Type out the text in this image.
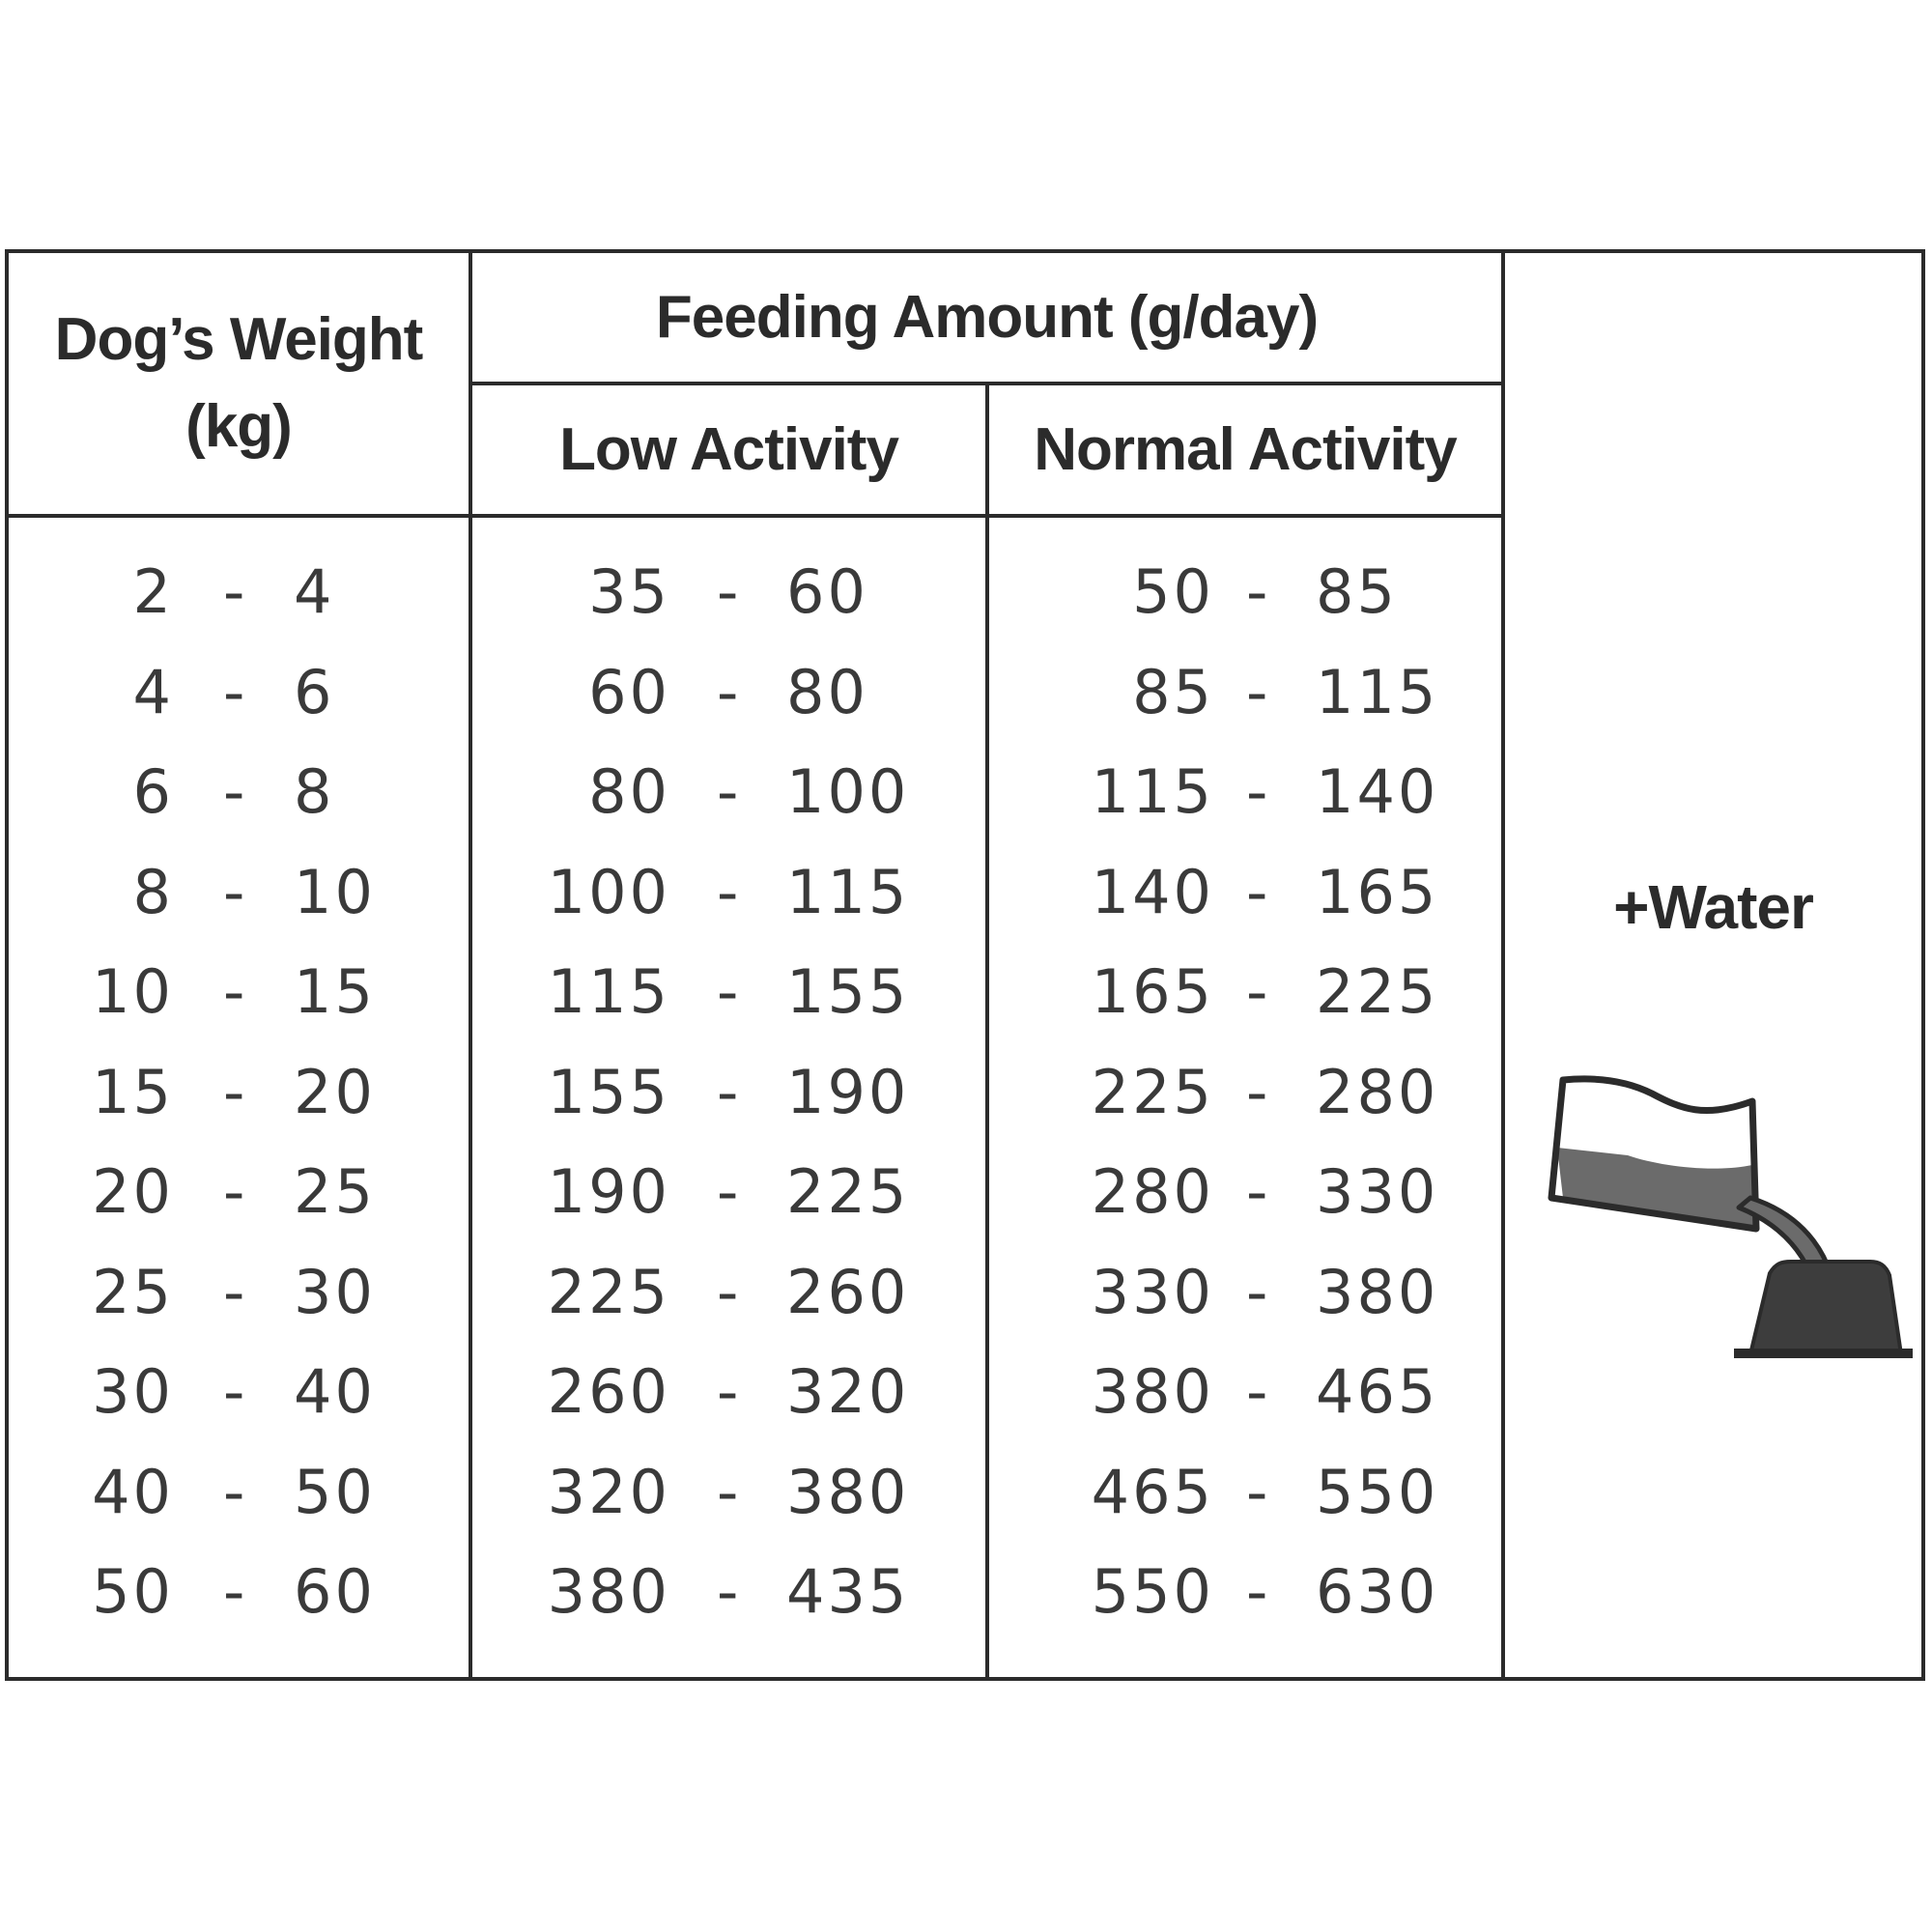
Dog’s Weight
(kg)
Feeding Amount (g/day)
Low Activity	Normal Activity
2 - 4
4 - 6
6 - 8
8 - 10
10 - 15
15 - 20
20 - 25
25 - 30
30 - 40
40 - 50
50 - 60
35 - 60
60 - 80
80 - 100
100 - 115
115 - 155
155 - 190
190 - 225
225 - 260
260 - 320
320 - 380
380 - 435
50 - 85
85 - 115
115 - 140
140 - 165
165 - 225
225 - 280
280 - 330
330 - 380
380 - 465
465 - 550
550 - 630
+Water
